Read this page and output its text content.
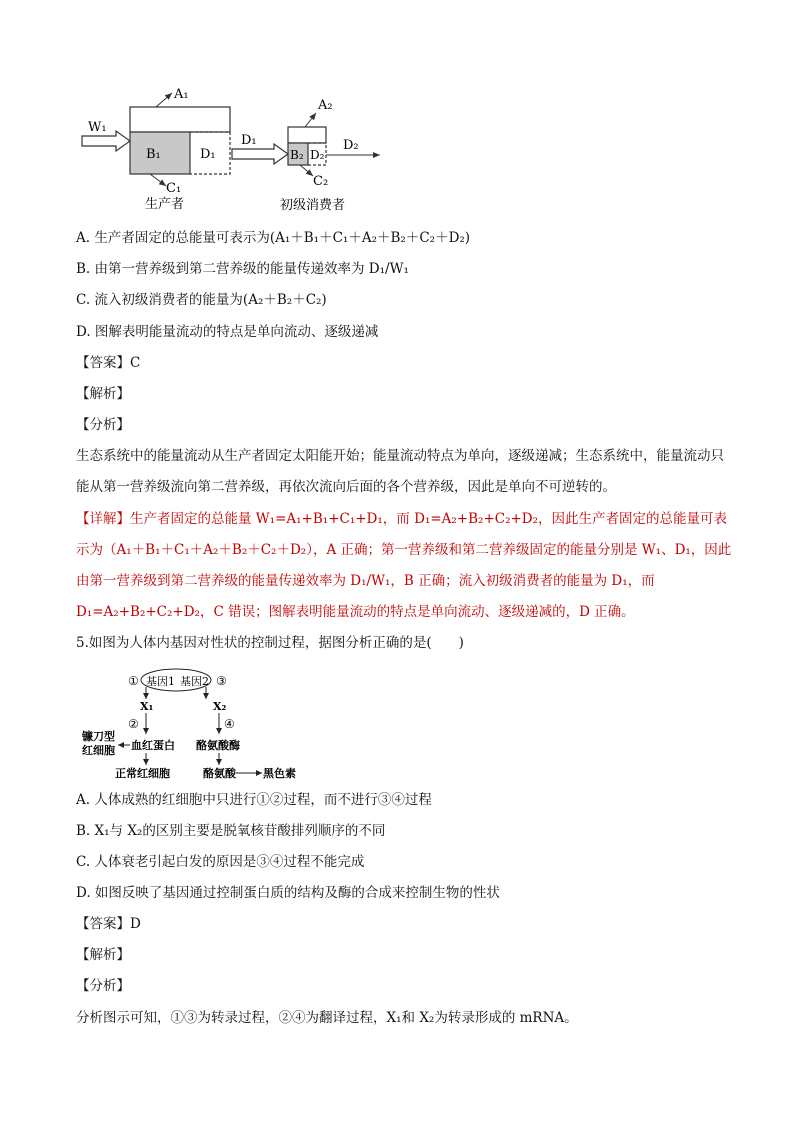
W₁
B₁	D₁
A₁
C₁
生产者
D₁
B₂ D₂
A₂
C₂
D₂
初级消费者
A. 生产者固定的总能量可表示为(A₁＋B₁＋C₁＋A₂＋B₂＋C₂＋D₂)
B. 由第一营养级到第二营养级的能量传递效率为 D₁/W₁
C. 流入初级消费者的能量为(A₂＋B₂＋C₂)
D. 图解表明能量流动的特点是单向流动、逐级递减
【答案】C
【解析】
【分析】
生态系统中的能量流动从生产者固定太阳能开始；能量流动特点为单向，逐级递减；生态系统中，能量流动只能从第一营养级流向第二营养级，再依次流向后面的各个营养级，因此是单向不可逆转的。
【详解】生产者固定的总能量 W₁=A₁+B₁+C₁+D₁，而 D₁=A₂+B₂+C₂+D₂，因此生产者固定的总能量可表示为（A₁＋B₁＋C₁＋A₂＋B₂＋C₂＋D₂），A 正确；第一营养级和第二营养级固定的能量分别是 W₁、D₁，因此由第一营养级到第二营养级的能量传递效率为 D₁/W₁，B 正确；流入初级消费者的能量为 D₁，而 D₁=A₂+B₂+C₂+D₂，C 错误；图解表明能量流动的特点是单向流动、逐级递减的，D 正确。
5.如图为人体内基因对性状的控制过程，据图分析正确的是(　　)
① 基因1 基因2 ③
X₁	X₂
②	④
镰刀型
红细胞 血红蛋白 酪氨酸酶
正常红细胞	酪氨酸 黑色素
A. 人体成熟的红细胞中只进行①②过程，而不进行③④过程
B. X₁与 X₂的区别主要是脱氧核苷酸排列顺序的不同
C. 人体衰老引起白发的原因是③④过程不能完成
D. 如图反映了基因通过控制蛋白质的结构及酶的合成来控制生物的性状
【答案】D
【解析】
【分析】
分析图示可知，①③为转录过程，②④为翻译过程，X₁和 X₂为转录形成的 mRNA。
